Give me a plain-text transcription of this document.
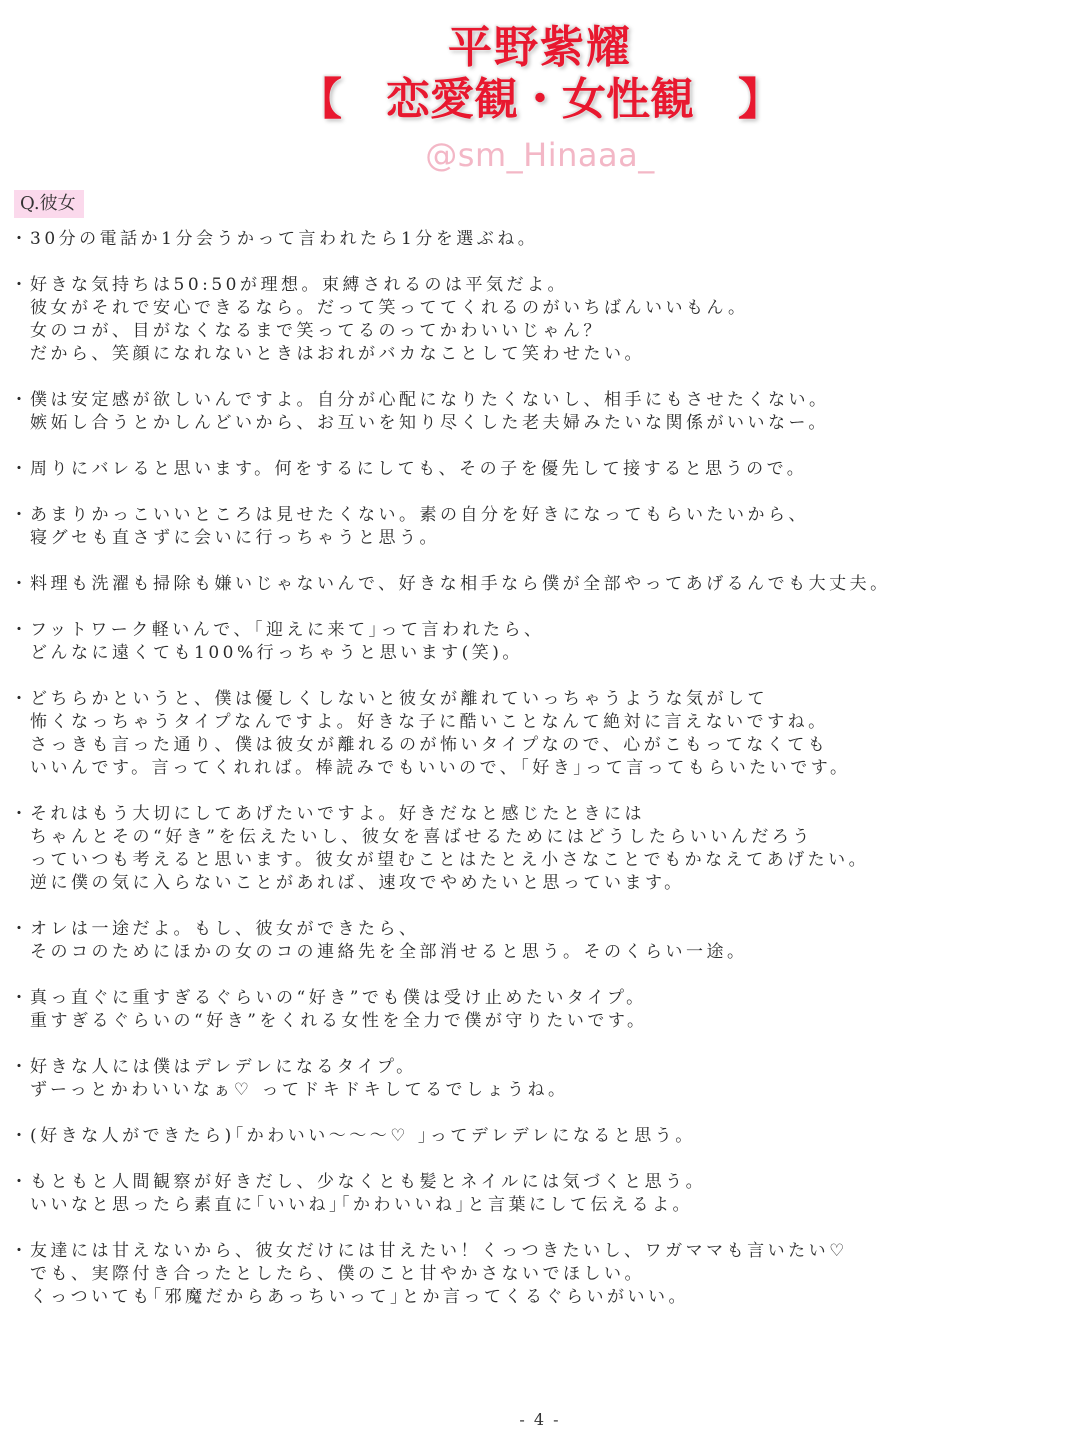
平野紫耀
【　恋愛観・女性観　】
@sm_Hinaaa_
Q.彼女
・ 30分の電話か1分会うかって言われたら1分を選ぶね。
・ 好きな気持ちは50:50が理想。束縛されるのは平気だよ。
彼女がそれで安心できるなら。だって笑っててくれるのがいちばんいいもん。
女のコが、目がなくなるまで笑ってるのってかわいいじゃん？
だから、笑顔になれないときはおれがバカなことして笑わせたい。
・ 僕は安定感が欲しいんですよ。自分が心配になりたくないし、相手にもさせたくない。
嫉妬し合うとかしんどいから、お互いを知り尽くした老夫婦みたいな関係がいいなー。
・ 周りにバレると思います。何をするにしても、その子を優先して接すると思うので。
・ あまりかっこいいところは見せたくない。素の自分を好きになってもらいたいから、
寝グセも直さずに会いに行っちゃうと思う。
・ 料理も洗濯も掃除も嫌いじゃないんで、好きな相手なら僕が全部やってあげるんでも大丈夫。
・ フットワーク軽いんで、｢迎えに来て｣って言われたら、
どんなに遠くても100%行っちゃうと思います(笑)。
・ どちらかというと、僕は優しくしないと彼女が離れていっちゃうような気がして
怖くなっちゃうタイプなんですよ。好きな子に酷いことなんて絶対に言えないですね。
さっきも言った通り、僕は彼女が離れるのが怖いタイプなので、心がこもってなくても
いいんです。言ってくれれば。棒読みでもいいので、｢好き｣って言ってもらいたいです。
・ それはもう大切にしてあげたいですよ。好きだなと感じたときには
ちゃんとその“好き”を伝えたいし、彼女を喜ばせるためにはどうしたらいいんだろう
っていつも考えると思います。彼女が望むことはたとえ小さなことでもかなえてあげたい。
逆に僕の気に入らないことがあれば、速攻でやめたいと思っています。
・ オレは一途だよ。もし、彼女ができたら、
そのコのためにほかの女のコの連絡先を全部消せると思う。そのくらい一途。
・ 真っ直ぐに重すぎるぐらいの“好き”でも僕は受け止めたいタイプ。
重すぎるぐらいの“好き”をくれる女性を全力で僕が守りたいです。
・ 好きな人には僕はデレデレになるタイプ。
ずーっとかわいいなぁ♡ ってドキドキしてるでしょうね。
・ (好きな人ができたら)｢かわいい〜〜〜♡ ｣ってデレデレになると思う。
・ もともと人間観察が好きだし、少なくとも髪とネイルには気づくと思う。
いいなと思ったら素直に｢いいね｣｢かわいいね｣と言葉にして伝えるよ。
・ 友達には甘えないから、彼女だけには甘えたい！くっつきたいし、ワガママも言いたい♡
でも、実際付き合ったとしたら、僕のこと甘やかさないでほしい。
くっついても｢邪魔だからあっちいって｣とか言ってくるぐらいがいい。
- 4 -
